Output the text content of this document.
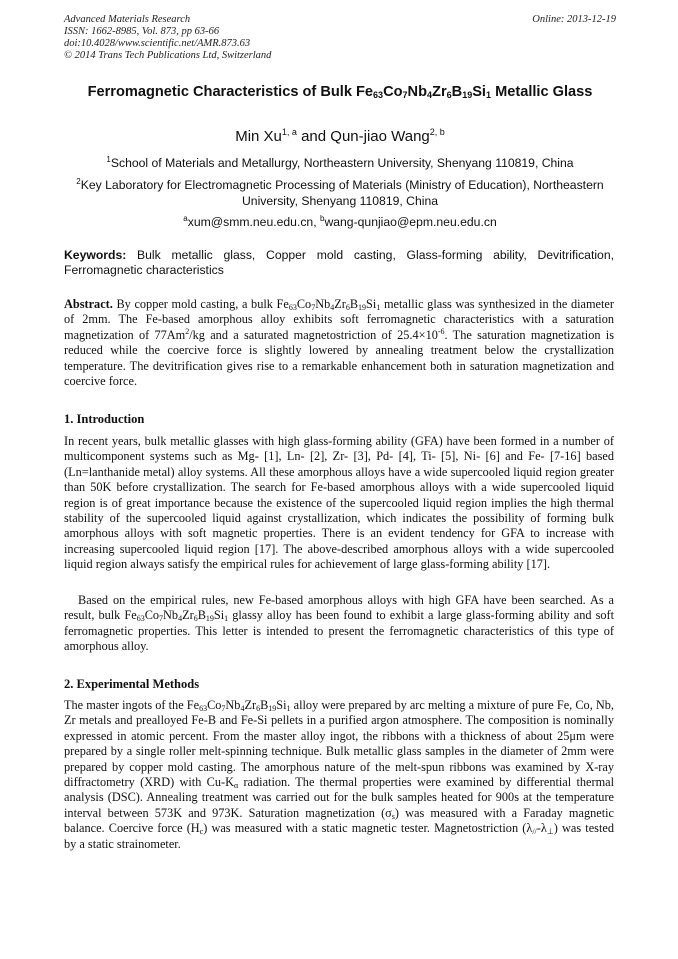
Advanced Materials Research
ISSN: 1662-8985, Vol. 873, pp 63-66
doi:10.4028/www.scientific.net/AMR.873.63
© 2014 Trans Tech Publications Ltd, Switzerland
Online: 2013-12-19
Ferromagnetic Characteristics of Bulk $Fe_{63}Co_7Nb_4Zr_6B_{19}Si_1$ Metallic Glass
Min Xu$^{1, a}$ and Qun-jiao Wang$^{2, b}$
$^1$School of Materials and Metallurgy, Northeastern University, Shenyang 110819, China
$^2$Key Laboratory for Electromagnetic Processing of Materials (Ministry of Education), Northeastern University, Shenyang 110819, China
$^a$xum@smm.neu.edu.cn, $^b$wang-qunjiao@epm.neu.edu.cn
Keywords: Bulk metallic glass, Copper mold casting, Glass-forming ability, Devitrification, Ferromagnetic characteristics
Abstract. By copper mold casting, a bulk $Fe_{63}Co_7Nb_4Zr_6B_{19}Si_1$ metallic glass was synthesized in the diameter of 2mm. The Fe-based amorphous alloy exhibits soft ferromagnetic characteristics with a saturation magnetization of 77Am$^2$/kg and a saturated magnetostriction of $25.4\times 10^{-6}$. The saturation magnetization is reduced while the coercive force is slightly lowered by annealing treatment below the crystallization temperature. The devitrification gives rise to a remarkable enhancement both in saturation magnetization and coercive force.
1. Introduction
In recent years, bulk metallic glasses with high glass-forming ability (GFA) have been formed in a number of multicomponent systems such as Mg- [1], Ln- [2], Zr- [3], Pd- [4], Ti- [5], Ni- [6] and Fe- [7-16] based (Ln=lanthanide metal) alloy systems. All these amorphous alloys have a wide supercooled liquid region greater than 50K before crystallization. The search for Fe-based amorphous alloys with a wide supercooled liquid region is of great importance because the existence of the supercooled liquid region implies the high thermal stability of the supercooled liquid against crystallization, which indicates the possibility of forming bulk amorphous alloys with soft magnetic properties. There is an evident tendency for GFA to increase with increasing supercooled liquid region [17]. The above-described amorphous alloys with a wide supercooled liquid region always satisfy the empirical rules for achievement of large glass-forming ability [17].
Based on the empirical rules, new Fe-based amorphous alloys with high GFA have been searched. As a result, bulk $Fe_{63}Co_7Nb_4Zr_6B_{19}Si_1$ glassy alloy has been found to exhibit a large glass-forming ability and soft ferromagnetic properties. This letter is intended to present the ferromagnetic characteristics of this type of amorphous alloy.
2. Experimental Methods
The master ingots of the $Fe_{63}Co_7Nb_4Zr_6B_{19}Si_1$ alloy were prepared by arc melting a mixture of pure Fe, Co, Nb, Zr metals and prealloyed Fe-B and Fe-Si pellets in a purified argon atmosphere. The composition is nominally expressed in atomic percent. From the master alloy ingot, the ribbons with a thickness of about 25μm were prepared by a single roller melt-spinning technique. Bulk metallic glass samples in the diameter of 2mm were prepared by copper mold casting. The amorphous nature of the melt-spun ribbons was examined by X-ray diffractometry (XRD) with $Cu-K_\alpha$ radiation. The thermal properties were examined by differential thermal analysis (DSC). Annealing treatment was carried out for the bulk samples heated for 900s at the temperature interval between 573K and 973K. Saturation magnetization $(\sigma_s)$ was measured with a Faraday magnetic balance. Coercive force $(H_c)$ was measured with a static magnetic tester. Magnetostriction $(\lambda_{//}-\lambda_\perp)$ was tested by a static strainometer.
